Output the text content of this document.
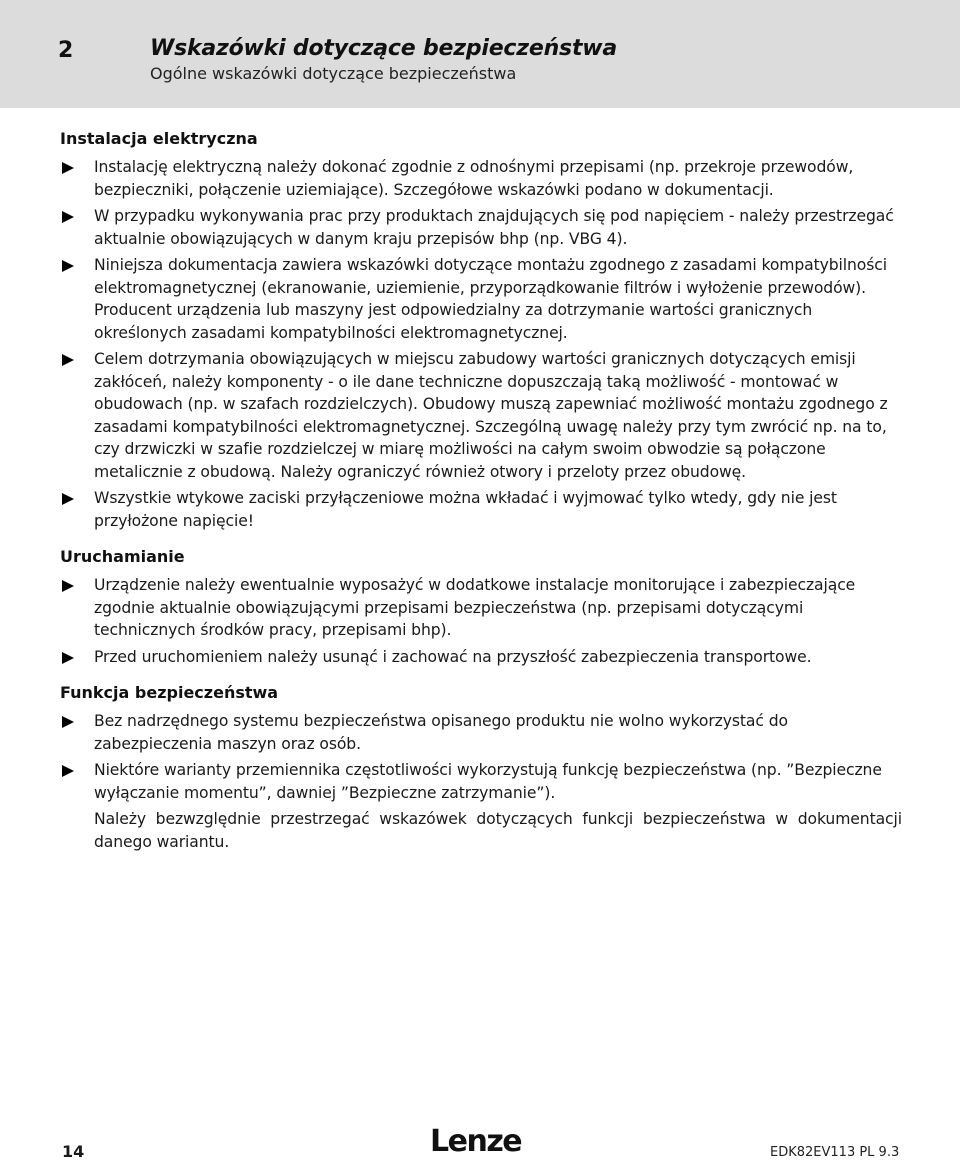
2	Wskazówki dotyczące bezpieczeństwa
Ogólne wskazówki dotyczące bezpieczeństwa
Instalacja elektryczna
Instalację elektryczną należy dokonać zgodnie z odnośnymi przepisami (np. przekroje przewodów, bezpieczniki, połączenie uziemiające). Szczegółowe wskazówki podano w dokumentacji.
W przypadku wykonywania prac przy produktach znajdujących się pod napięciem - należy przestrzegać aktualnie obowiązujących w danym kraju przepisów bhp (np. VBG 4).
Niniejsza dokumentacja zawiera wskazówki dotyczące montażu zgodnego z zasadami kompatybilności elektromagnetycznej (ekranowanie, uziemienie, przyporządkowanie filtrów i wyłożenie przewodów). Producent urządzenia lub maszyny jest odpowiedzialny za dotrzymanie wartości granicznych określonych zasadami kompatybilności elektromagnetycznej.
Celem dotrzymania obowiązujących w miejscu zabudowy wartości granicznych dotyczących emisji zakłóceń, należy komponenty - o ile dane techniczne dopuszczają taką możliwość - montować w obudowach (np. w szafach rozdzielczych). Obudowy muszą zapewniać możliwość montażu zgodnego z zasadami kompatybilności elektromagnetycznej. Szczególną uwagę należy przy tym zwrócić np. na to, czy drzwiczki w szafie rozdzielczej w miarę możliwości na całym swoim obwodzie są połączone metalicznie z obudową. Należy ograniczyć również otwory i przeloty przez obudowę.
Wszystkie wtykowe zaciski przyłączeniowe można wkładać i wyjmować tylko wtedy, gdy nie jest przyłożone napięcie!
Uruchamianie
Urządzenie należy ewentualnie wyposażyć w dodatkowe instalacje monitorujące i zabezpieczające zgodnie aktualnie obowiązującymi przepisami bezpieczeństwa (np. przepisami dotyczącymi technicznych środków pracy, przepisami bhp).
Przed uruchomieniem należy usunąć i zachować na przyszłość zabezpieczenia transportowe.
Funkcja bezpieczeństwa
Bez nadrzędnego systemu bezpieczeństwa opisanego produktu nie wolno wykorzystać do zabezpieczenia maszyn oraz osób.
Niektóre warianty przemiennika częstotliwości wykorzystują funkcję bezpieczeństwa (np. ”Bezpieczne wyłączanie momentu”, dawniej ”Bezpieczne zatrzymanie”).
Należy bezwzględnie przestrzegać wskazówek dotyczących funkcji bezpieczeństwa w dokumentacji danego wariantu.
14	Lenze	EDK82EV113 PL 9.3
